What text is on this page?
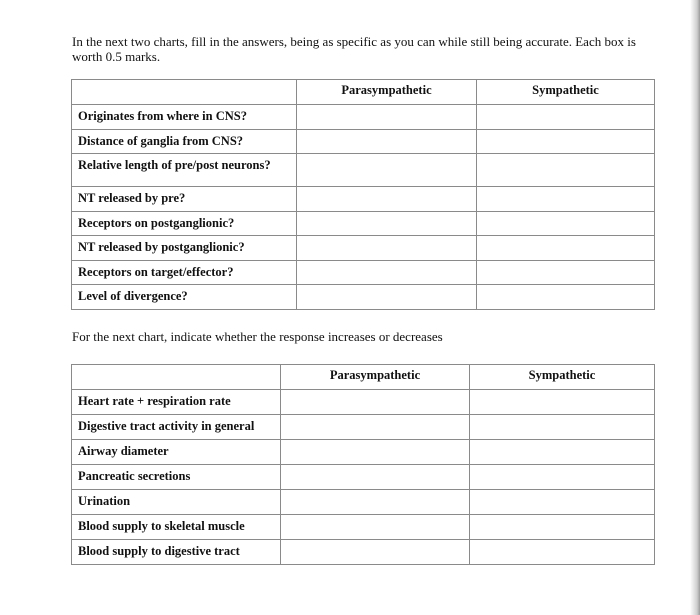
In the next two charts, fill in the answers, being as specific as you can while still being accurate. Each box is worth 0.5 marks.

	Parasympathetic	Sympathetic
Originates from where in CNS?		
Distance of ganglia from CNS?		
Relative length of pre/post neurons?		
NT released by pre?		
Receptors on postganglionic?		
NT released by postganglionic?		
Receptors on target/effector?		
Level of divergence?		

For the next chart, indicate whether the response increases or decreases

	Parasympathetic	Sympathetic
Heart rate + respiration rate		
Digestive tract activity in general		
Airway diameter		
Pancreatic secretions		
Urination		
Blood supply to skeletal muscle		
Blood supply to digestive tract		
